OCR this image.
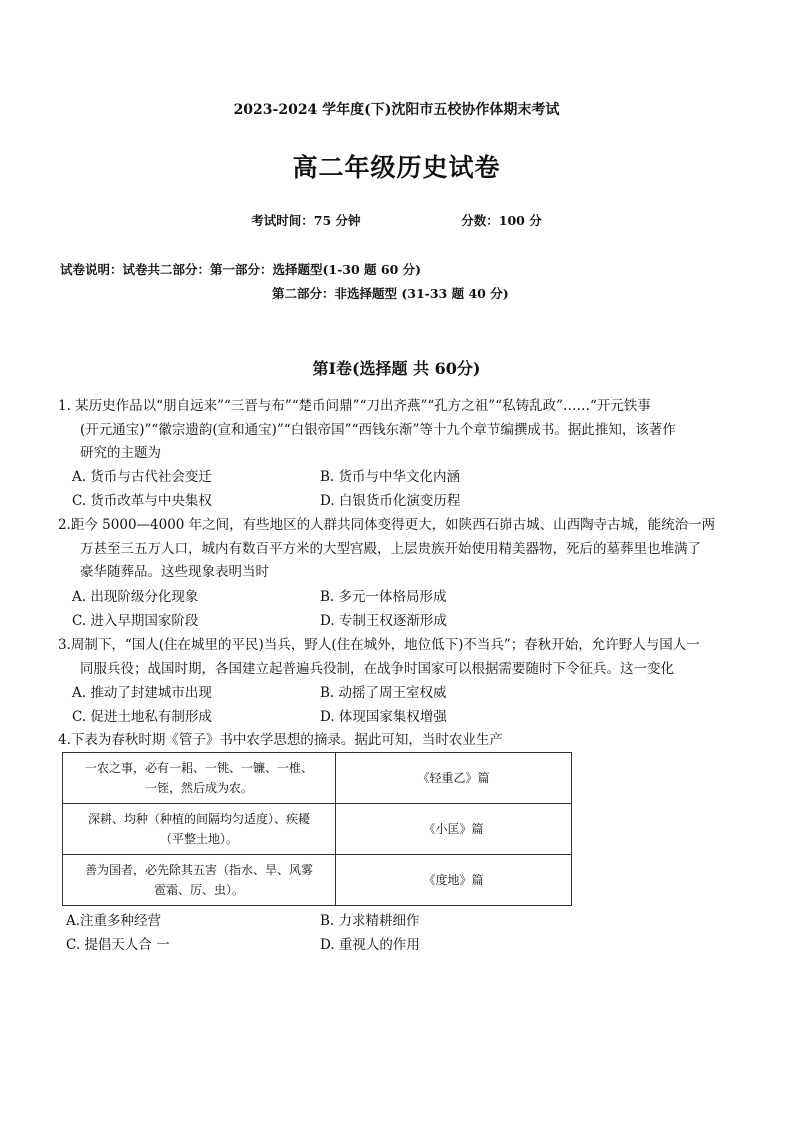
2023-2024 学年度(下)沈阳市五校协作体期末考试
高二年级历史试卷
考试时间：75 分钟	分数：100 分
试卷说明：试卷共二部分：第一部分：选择题型(1-30 题 60 分)
第二部分：非选择题型 (31-33 题 40 分)
第Ⅰ卷(选择题 共 60分)
1. 某历史作品以“朋自远来”“三晋与布”“楚币问鼎”“刀出齐燕”“孔方之祖”“私铸乱政”……“开元铁事
(开元通宝)”“徽宗遗韵(宣和通宝)”“白银帝国”“西钱东渐”等十九个章节编撰成书。据此推知，该著作
研究的主题为
A. 货币与古代社会变迁	B. 货币与中华文化内涵
C. 货币改革与中央集权	D. 白银货币化演变历程
2.距今 5000—4000 年之间，有些地区的人群共同体变得更大，如陕西石峁古城、山西陶寺古城，能统治一两
万甚至三五万人口，城内有数百平方米的大型宫殿，上层贵族开始使用精美器物，死后的墓葬里也堆满了
豪华随葬品。这些现象表明当时
A. 出现阶级分化现象	B. 多元一体格局形成
C. 进入早期国家阶段	D. 专制王权逐渐形成
3.周制下，“国人(住在城里的平民)当兵，野人(住在城外，地位低下)不当兵”；春秋开始，允许野人与国人一
同服兵役；战国时期，各国建立起普遍兵役制，在战争时国家可以根据需要随时下令征兵。这一变化
A. 推动了封建城市出现	B. 动摇了周王室权威
C. 促进土地私有制形成	D. 体现国家集权增强
4.下表为春秋时期《管子》书中农学思想的摘录。据此可知，当时农业生产
一农之事，必有一耜、一铫、一镰、一椎、
一铚，然后成为农。	《轻重乙》篇

深耕、均种（种植的间隔均匀适度）、疾耰
（平整土地）。	《小匡》篇

善为国者，必先除其五害（指水、旱、风雾
雹霜、厉、虫）。	《度地》篇
A.注重多种经营	B. 力求精耕细作
C. 提倡天人合 一	D. 重视人的作用
